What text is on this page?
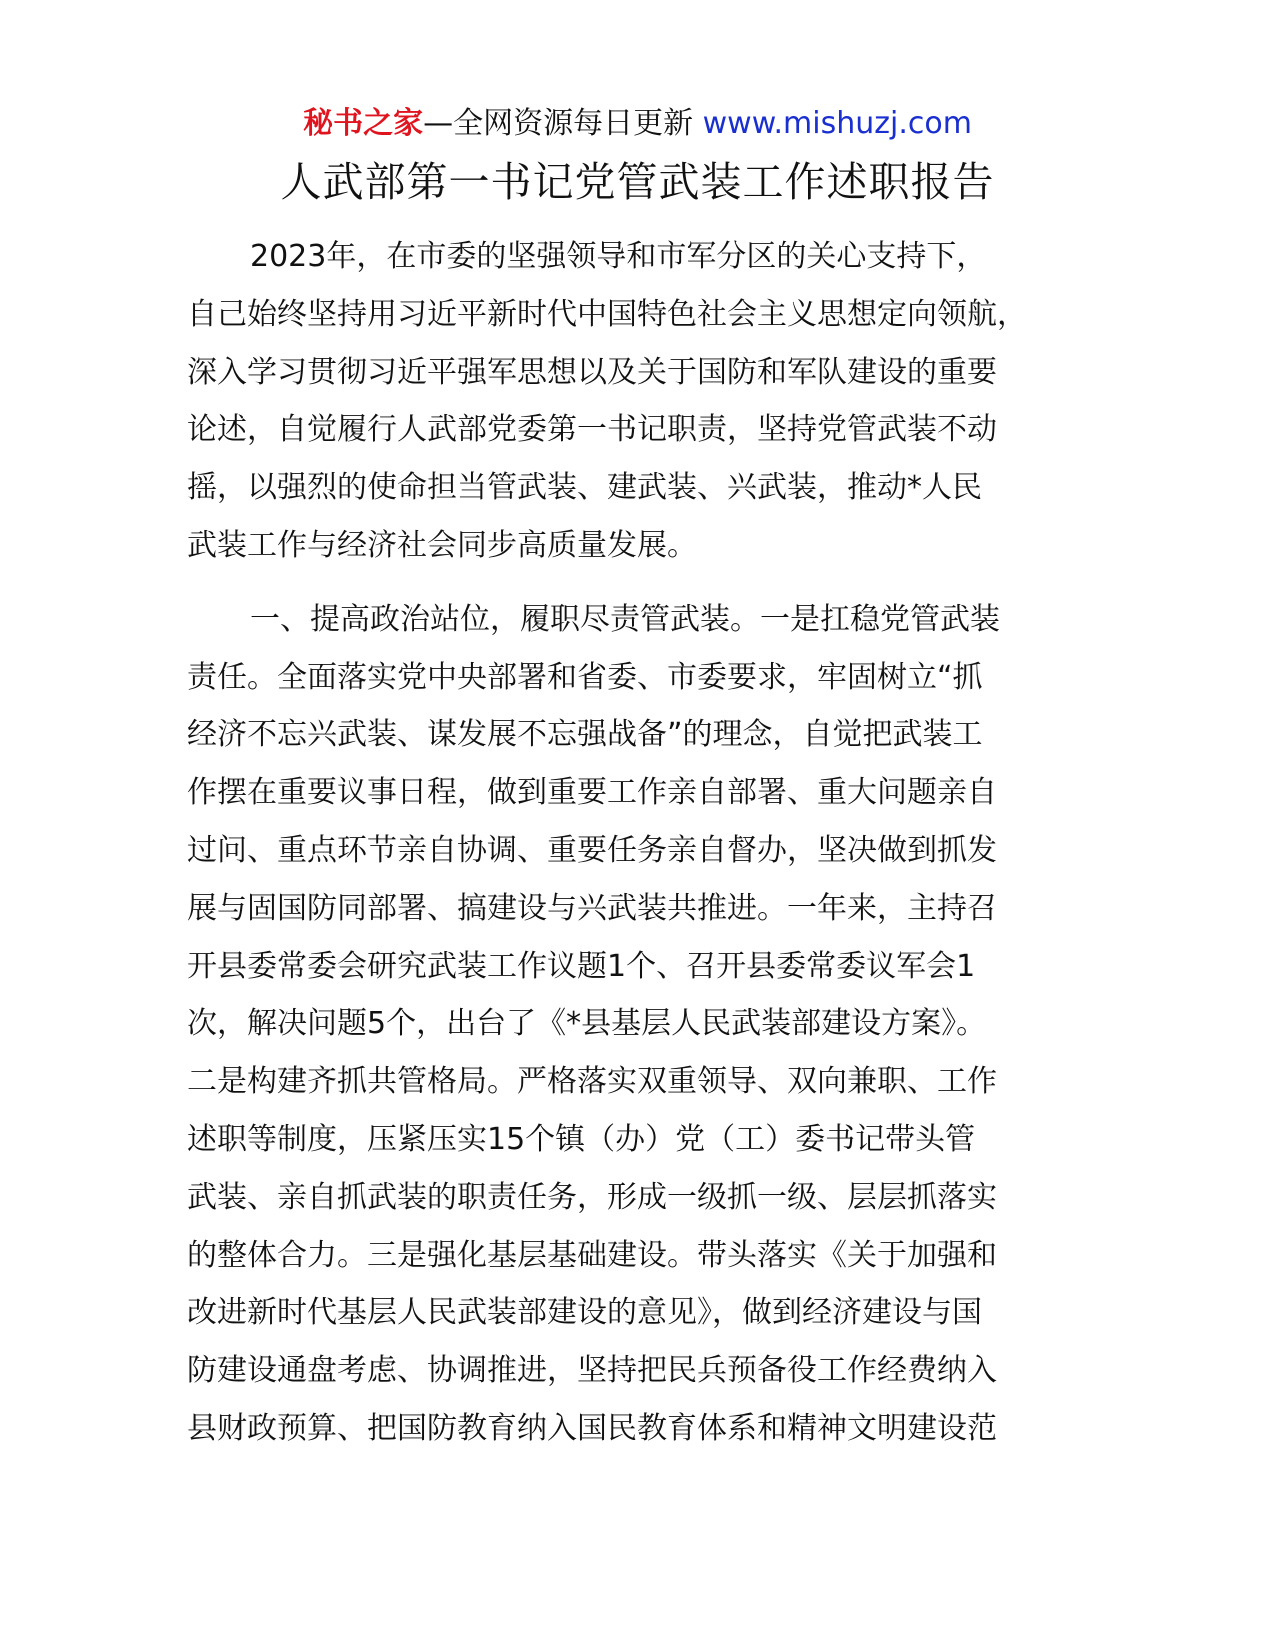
秘书之家—全网资源每日更新 www.mishuzj.com
人武部第一书记党管武装工作述职报告
2023年，在市委的坚强领导和市军分区的关心支持下，
自己始终坚持用习近平新时代中国特色社会主义思想定向领航，
深入学习贯彻习近平强军思想以及关于国防和军队建设的重要
论述，自觉履行人武部党委第一书记职责，坚持党管武装不动
摇，以强烈的使命担当管武装、建武装、兴武装，推动*人民
武装工作与经济社会同步高质量发展。
一、提高政治站位，履职尽责管武装。一是扛稳党管武装
责任。全面落实党中央部署和省委、市委要求，牢固树立“抓
经济不忘兴武装、谋发展不忘强战备”的理念，自觉把武装工
作摆在重要议事日程，做到重要工作亲自部署、重大问题亲自
过问、重点环节亲自协调、重要任务亲自督办，坚决做到抓发
展与固国防同部署、搞建设与兴武装共推进。一年来，主持召
开县委常委会研究武装工作议题1个、召开县委常委议军会1
次，解决问题5个，出台了《*县基层人民武装部建设方案》。
二是构建齐抓共管格局。严格落实双重领导、双向兼职、工作
述职等制度，压紧压实15个镇（办）党（工）委书记带头管
武装、亲自抓武装的职责任务，形成一级抓一级、层层抓落实
的整体合力。三是强化基层基础建设。带头落实《关于加强和
改进新时代基层人民武装部建设的意见》，做到经济建设与国
防建设通盘考虑、协调推进，坚持把民兵预备役工作经费纳入
县财政预算、把国防教育纳入国民教育体系和精神文明建设范
